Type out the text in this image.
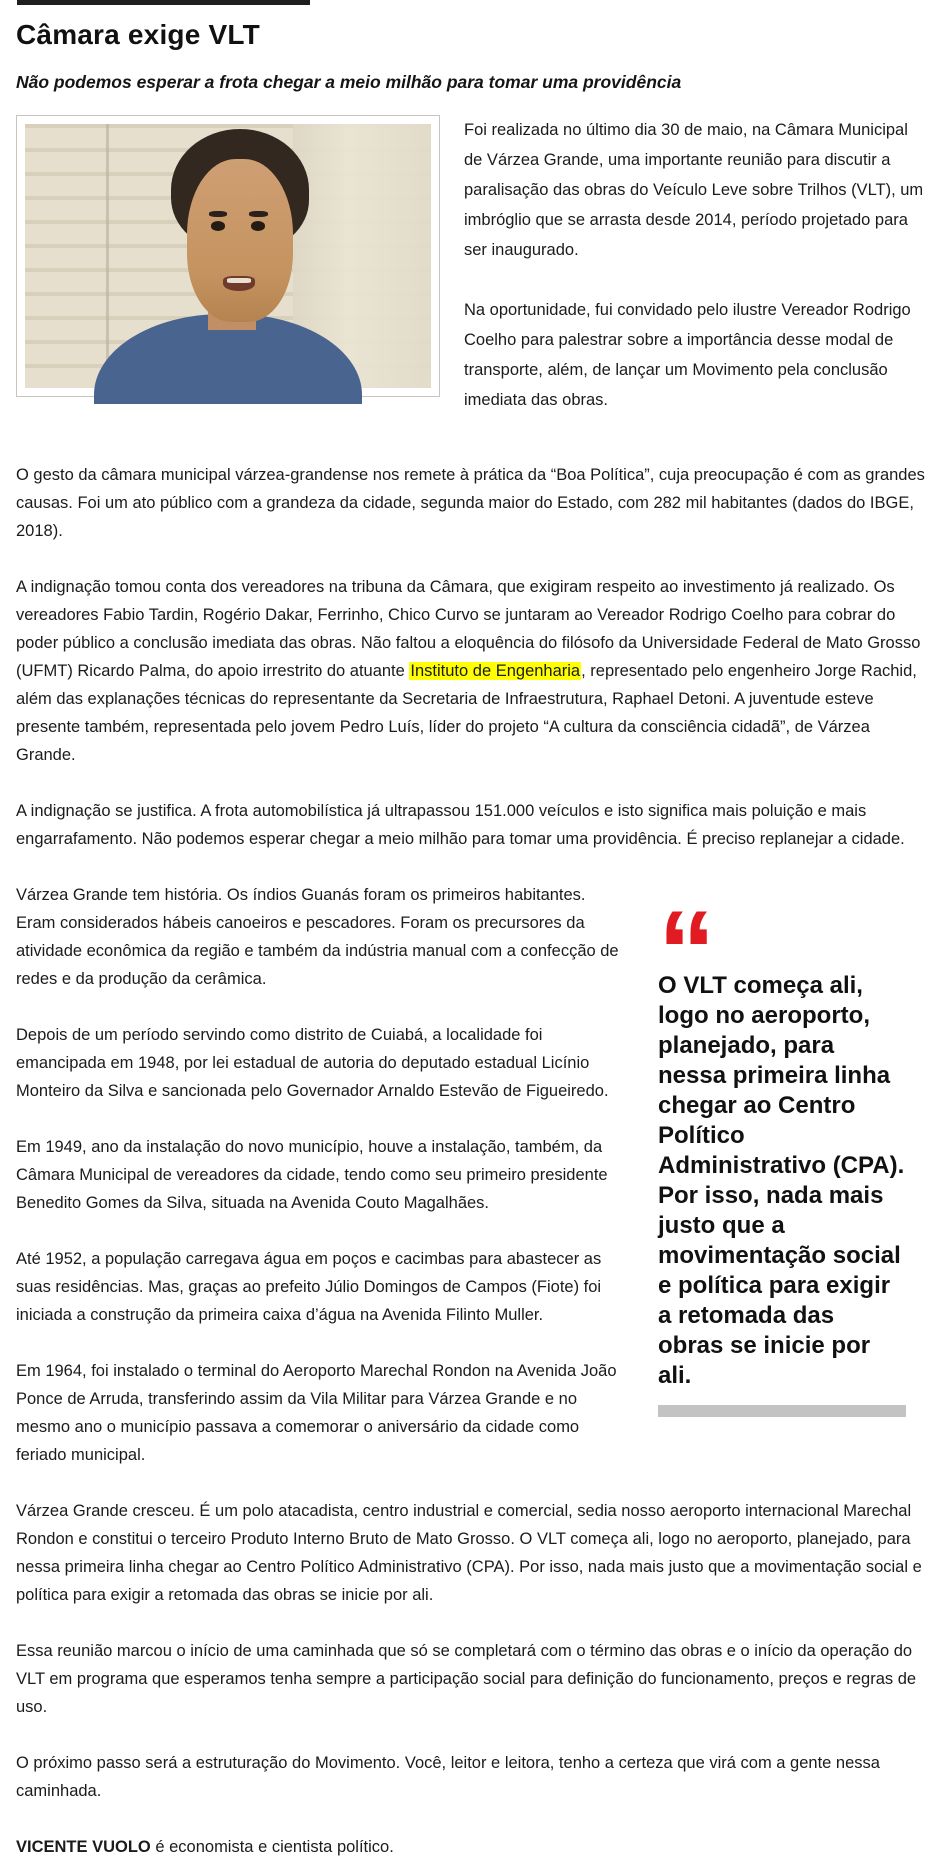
Câmara exige VLT
Não podemos esperar a frota chegar a meio milhão para tomar uma providência

Foi realizada no último dia 30 de maio, na Câmara Municipal de Várzea Grande, uma importante reunião para discutir a paralisação das obras do Veículo Leve sobre Trilhos (VLT), um imbróglio que se arrasta desde 2014, período projetado para ser inaugurado.

Na oportunidade, fui convidado pelo ilustre Vereador Rodrigo Coelho para palestrar sobre a importância desse modal de transporte, além, de lançar um Movimento pela conclusão imediata das obras.

O gesto da câmara municipal várzea-grandense nos remete à prática da “Boa Política”, cuja preocupação é com as grandes causas. Foi um ato público com a grandeza da cidade, segunda maior do Estado, com 282 mil habitantes (dados do IBGE, 2018).

A indignação tomou conta dos vereadores na tribuna da Câmara, que exigiram respeito ao investimento já realizado. Os vereadores Fabio Tardin, Rogério Dakar, Ferrinho, Chico Curvo se juntaram ao Vereador Rodrigo Coelho para cobrar do poder público a conclusão imediata das obras. Não faltou a eloquência do filósofo da Universidade Federal de Mato Grosso (UFMT) Ricardo Palma, do apoio irrestrito do atuante Instituto de Engenharia, representado pelo engenheiro Jorge Rachid, além das explanações técnicas do representante da Secretaria de Infraestrutura, Raphael Detoni. A juventude esteve presente também, representada pelo jovem Pedro Luís, líder do projeto “A cultura da consciência cidadã”, de Várzea Grande.

A indignação se justifica. A frota automobilística já ultrapassou 151.000 veículos e isto significa mais poluição e mais engarrafamento. Não podemos esperar chegar a meio milhão para tomar uma providência. É preciso replanejar a cidade.

Várzea Grande tem história. Os índios Guanás foram os primeiros habitantes. Eram considerados hábeis canoeiros e pescadores. Foram os precursores da atividade econômica da região e também da indústria manual com a confecção de redes e da produção da cerâmica.

Depois de um período servindo como distrito de Cuiabá, a localidade foi emancipada em 1948, por lei estadual de autoria do deputado estadual Licínio Monteiro da Silva e sancionada pelo Governador Arnaldo Estevão de Figueiredo.

Em 1949, ano da instalação do novo município, houve a instalação, também, da Câmara Municipal de vereadores da cidade, tendo como seu primeiro presidente Benedito Gomes da Silva, situada na Avenida Couto Magalhães.

Até 1952, a população carregava água em poços e cacimbas para abastecer as suas residências. Mas, graças ao prefeito Júlio Domingos de Campos (Fiote) foi iniciada a construção da primeira caixa d’água na Avenida Filinto Muller.

Em 1964, foi instalado o terminal do Aeroporto Marechal Rondon na Avenida João Ponce de Arruda, transferindo assim da Vila Militar para Várzea Grande e no mesmo ano o município passava a comemorar o aniversário da cidade como feriado municipal.

“
O VLT começa ali, logo no aeroporto, planejado, para nessa primeira linha chegar ao Centro Político Administrativo (CPA). Por isso, nada mais justo que a movimentação social e política para exigir a retomada das obras se inicie por ali.

Várzea Grande cresceu. É um polo atacadista, centro industrial e comercial, sedia nosso aeroporto internacional Marechal Rondon e constitui o terceiro Produto Interno Bruto de Mato Grosso. O VLT começa ali, logo no aeroporto, planejado, para nessa primeira linha chegar ao Centro Político Administrativo (CPA). Por isso, nada mais justo que a movimentação social e política para exigir a retomada das obras se inicie por ali.

Essa reunião marcou o início de uma caminhada que só se completará com o término das obras e o início da operação do VLT em programa que esperamos tenha sempre a participação social para definição do funcionamento, preços e regras de uso.

O próximo passo será a estruturação do Movimento. Você, leitor e leitora, tenho a certeza que virá com a gente nessa caminhada.

VICENTE VUOLO é economista e cientista político.
